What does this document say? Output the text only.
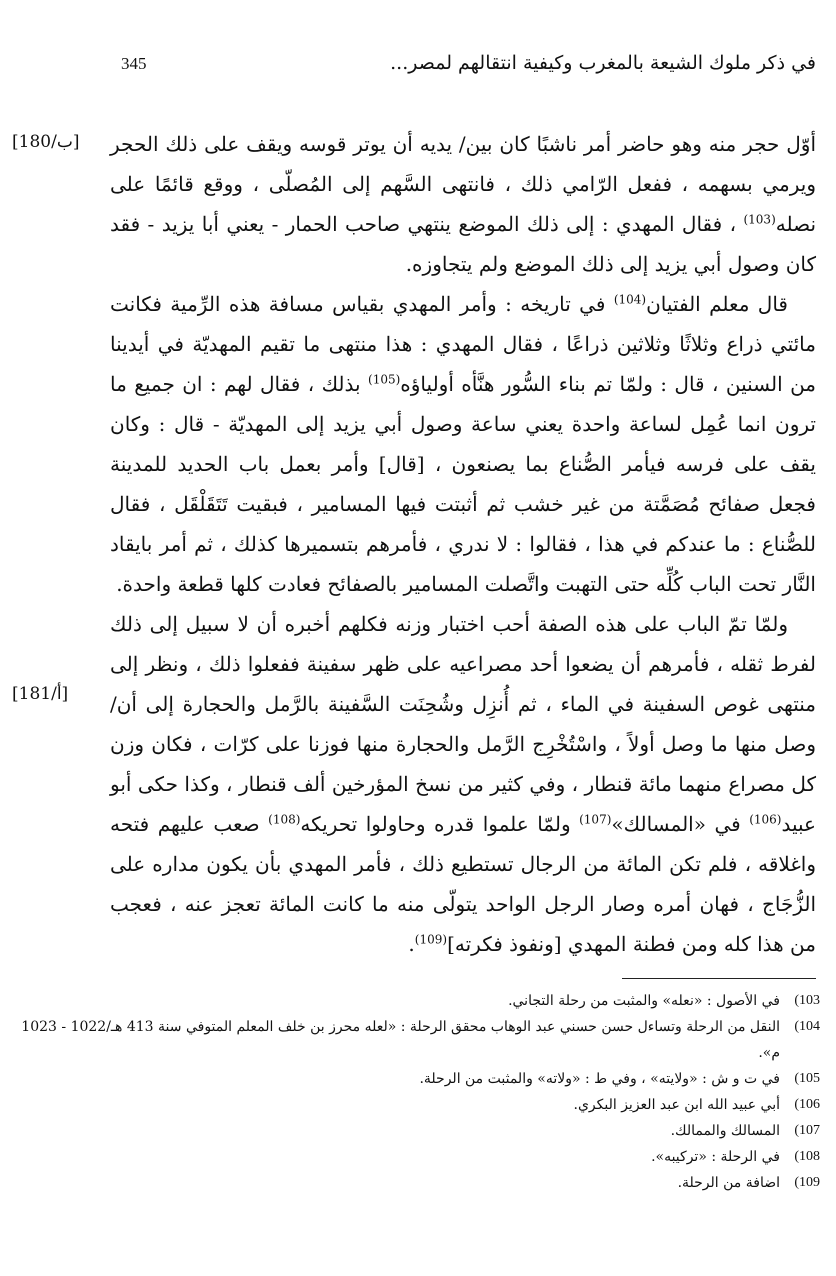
في ذكر ملوك الشيعة بالمغرب وكيفية انتقالهم لمصر...
345
[180/ب]
[181/أ]

أوّل حجر منه وهو حاضر أمر ناشبًا كان بين/ يديه أن يوتر قوسه ويقف على ذلك الحجر ويرمي بسهمه ، ففعل الرّامي ذلك ، فانتهى السَّهم إلى المُصلّى ، ووقع قائمًا على نصله$^{(103)}$ ، فقال المهدي : إلى ذلك الموضع ينتهي صاحب الحمار - يعني أبا يزيد - فقد كان وصول أبي يزيد إلى ذلك الموضع ولم يتجاوزه.

قال معلم الفتيان$^{(104)}$ في تاريخه : وأمر المهدي بقياس مسافة هذه الرِّمية فكانت مائتي ذراع وثلاثًا وثلاثين ذراعًا ، فقال المهدي : هذا منتهى ما تقيم المهديّة في أيدينا من السنين ، قال : ولمّا تم بناء السُّور هنَّأه أولياؤه$^{(105)}$ بذلك ، فقال لهم : ان جميع ما ترون انما عُمِل لساعة واحدة يعني ساعة وصول أبي يزيد إلى المهديّة - قال : وكان يقف على فرسه فيأمر الصُّناع بما يصنعون ، [قال] وأمر بعمل باب الحديد للمدينة فجعل صفائح مُصَمَّتة من غير خشب ثم أثبتت فيها المسامير ، فبقيت تَتَقَلْقَل ، فقال للصُّناع : ما عندكم في هذا ، فقالوا : لا ندري ، فأمرهم بتسميرها كذلك ، ثم أمر بايقاد النَّار تحت الباب كُلِّه حتى التهبت واتَّصلت المسامير بالصفائح فعادت كلها قطعة واحدة.

ولمّا تمّ الباب على هذه الصفة أحب اختبار وزنه فكلهم أخبره أن لا سبيل إلى ذلك لفرط ثقله ، فأمرهم أن يضعوا أحد مصراعيه على ظهر سفينة ففعلوا ذلك ، ونظر إلى منتهى غوص السفينة في الماء ، ثم أُنزِل وشُحِنَت السَّفينة بالرَّمل والحجارة إلى أن/ وصل منها ما وصل أولاً ، واسْتُخْرِج الرَّمل والحجارة منها فوزنا على كرّات ، فكان وزن كل مصراع منهما مائة قنطار ، وفي كثير من نسخ المؤرخين ألف قنطار ، وكذا حكى أبو عبيد$^{(106)}$ في «المسالك»$^{(107)}$ ولمّا علموا قدره وحاولوا تحريكه$^{(108)}$ صعب عليهم فتحه واغلاقه ، فلم تكن المائة من الرجال تستطيع ذلك ، فأمر المهدي بأن يكون مداره على الزُّجَاج ، فهان أمره وصار الرجل الواحد يتولّى منه ما كانت المائة تعجز عنه ، فعجب من هذا كله ومن فطنة المهدي [ونفوذ فكرته]$^{(109)}$.

103)
في الأصول : «نعله» والمثبت من رحلة التجاني.
104)
النقل من الرحلة وتساءل حسن حسني عبد الوهاب محقق الرحلة : «لعله محرز بن خلف المعلم المتوفي سنة 413 هـ/1022 - 1023 م».
105)
في ت و ش : «ولايته» ، وفي ط : «ولاته» والمثبت من الرحلة.
106)
أبي عبيد الله ابن عبد العزيز البكري.
107)
المسالك والممالك.
108)
في الرحلة : «تركيبه».
109)
اضافة من الرحلة.
